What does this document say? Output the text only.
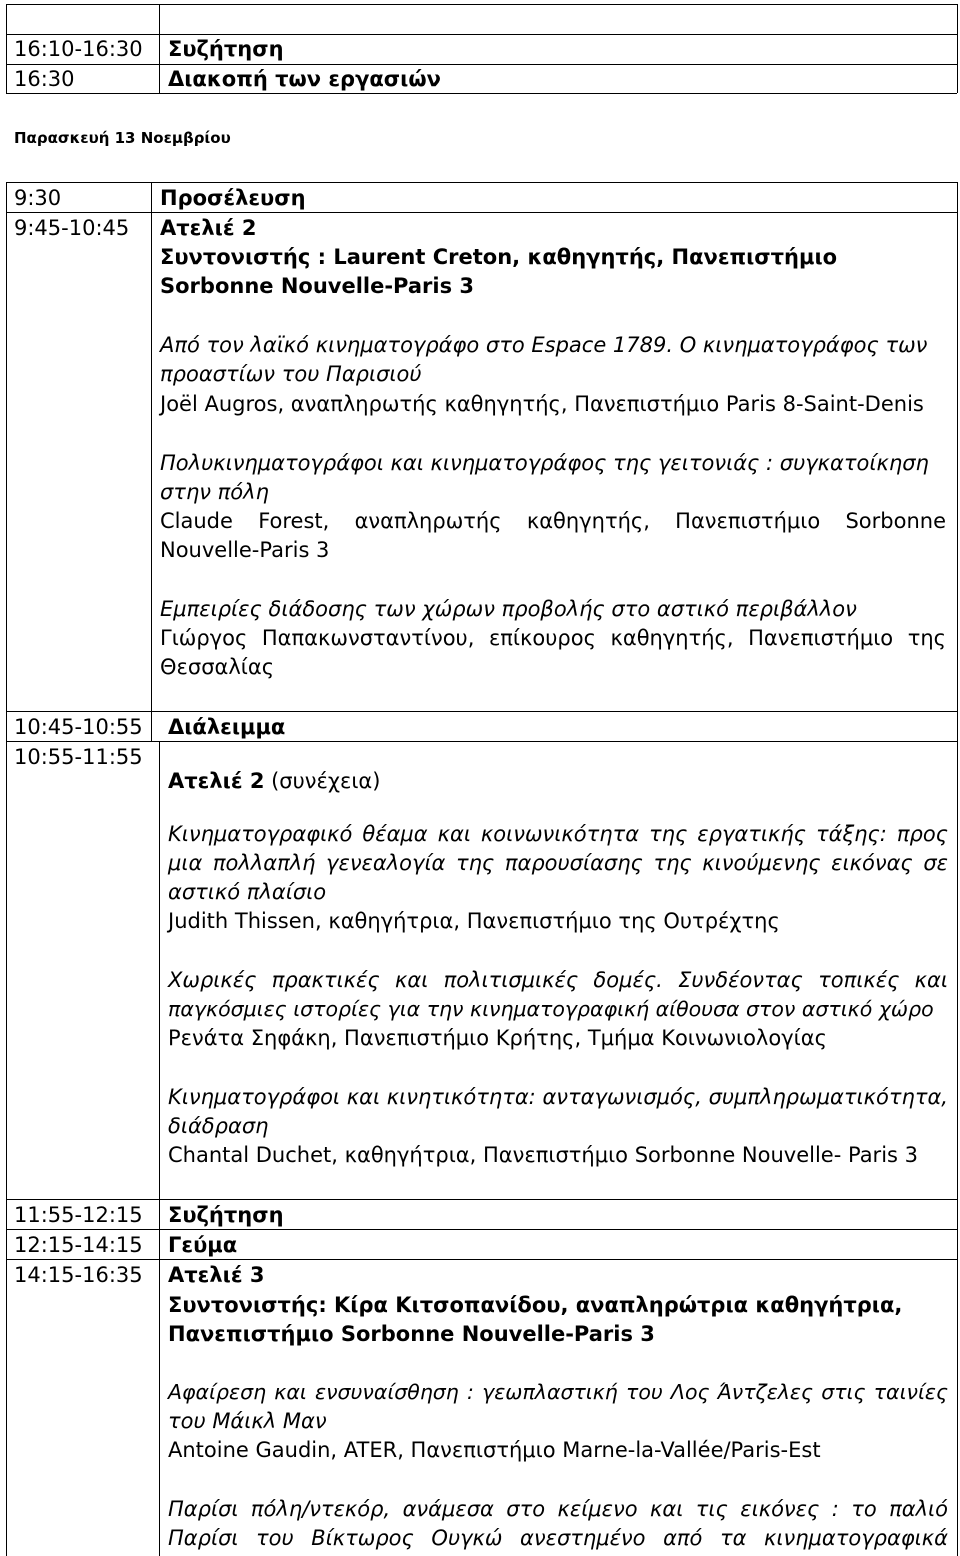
16:10-16:30 Συζήτηση
16:30	Διακοπή των εργασιών
Παρασκευή 13 Νοεμβρίου
9:30	Προσέλευση
9:45-10:45 Ατελιέ 2
Συντονιστής : Laurent Creton, καθηγητής, Πανεπιστήμιο
Sorbonne Nouvelle-Paris 3
Από τον λαϊκό κινηματογράφο στο Espace 1789. Ο κινηματογράφος των
προαστίων του Παρισιού
Joël Augros, αναπληρωτής καθηγητής, Πανεπιστήμιο Paris 8-Saint-Denis
Πολυκινηματογράφοι και κινηματογράφος της γειτονιάς : συγκατοίκηση
στην πόλη
Claude Forest, αναπληρωτής καθηγητής, Πανεπιστήμιο Sorbonne
Nouvelle-Paris 3
Εμπειρίες διάδοσης των χώρων προβολής στο αστικό περιβάλλον
Γιώργος Παπακωνσταντίνου, επίκουρος καθηγητής, Πανεπιστήμιο της
Θεσσαλίας
10:45-10:55 Διάλειμμα
10:55-11:55
Ατελιέ 2 (συνέχεια)
Κινηματογραφικό θέαμα και κοινωνικότητα της εργατικής τάξης: προς
μια πολλαπλή γενεαλογία της παρουσίασης της κινούμενης εικόνας σε
αστικό πλαίσιο
Judith Thissen, καθηγήτρια, Πανεπιστήμιο της Ουτρέχτης
Χωρικές πρακτικές και πολιτισμικές δομές. Συνδέοντας τοπικές και
παγκόσμιες ιστορίες για την κινηματογραφική αίθουσα στον αστικό χώρο
Ρενάτα Σηφάκη, Πανεπιστήμιο Κρήτης, Τμήμα Κοινωνιολογίας
Κινηματογράφοι και κινητικότητα: ανταγωνισμός, συμπληρωματικότητα,
διάδραση
Chantal Duchet, καθηγήτρια, Πανεπιστήμιο Sorbonne Nouvelle- Paris 3
11:55-12:15 Συζήτηση
12:15-14:15 Γεύμα
14:15-16:35 Ατελιέ 3
Συντονιστής: Κίρα Κιτσοπανίδου, αναπληρώτρια καθηγήτρια,
Πανεπιστήμιο Sorbonne Nouvelle-Paris 3
Αφαίρεση και ενσυναίσθηση : γεωπλαστική του Λος Άντζελες στις ταινίες
του Μάικλ Μαν
Antoine Gaudin, ATER, Πανεπιστήμιο Marne-la-Vallée/Paris-Est
Παρίσι πόλη/ντεκόρ, ανάμεσα στο κείμενο και τις εικόνες : το παλιό
Παρίσι του Βίκτωρος Ουγκώ ανεστημένο από τα κινηματογραφικά
